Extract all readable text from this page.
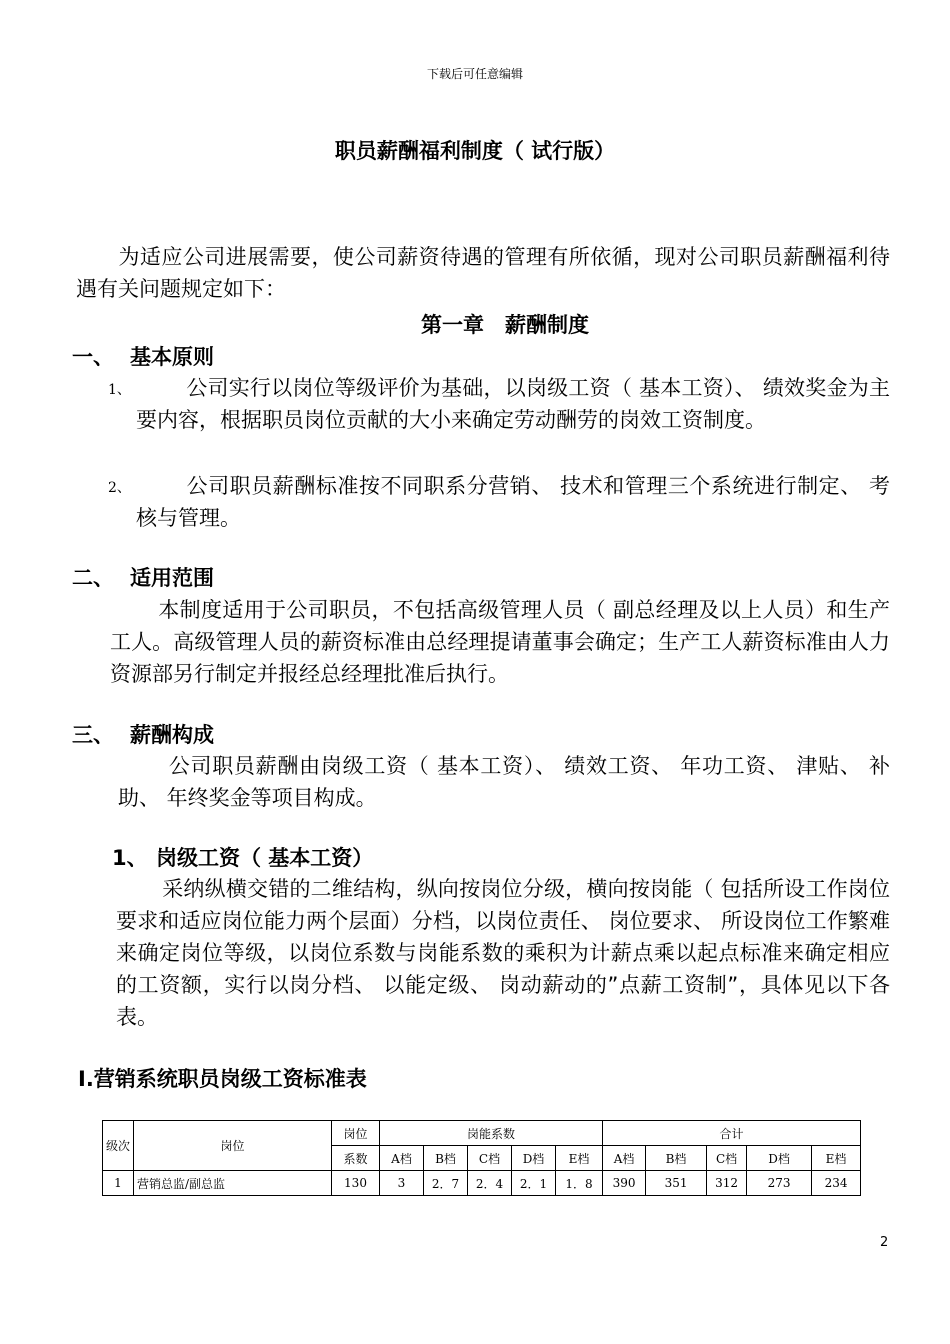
下载后可任意编辑
职员薪酬福利制度（ 试行版）
为适应公司进展需要，使公司薪资待遇的管理有所依循，现对公司职员薪酬福利待遇有关问题规定如下：
第一章　薪酬制度
一、 基本原则
1、	公司实行以岗位等级评价为基础，以岗级工资（ 基本工资）、 绩效奖金为主要内容，根据职员岗位贡献的大小来确定劳动酬劳的岗效工资制度。
2、	公司职员薪酬标准按不同职系分营销、 技术和管理三个系统进行制定、 考核与管理。
二、 适用范围
本制度适用于公司职员，不包括高级管理人员（ 副总经理及以上人员）和生产工人。高级管理人员的薪资标准由总经理提请董事会确定；生产工人薪资标准由人力资源部另行制定并报经总经理批准后执行。
三、 薪酬构成
公司职员薪酬由岗级工资（ 基本工资）、 绩效工资、 年功工资、 津贴、 补助、 年终奖金等项目构成。
1、 岗级工资（ 基本工资）
采纳纵横交错的二维结构，纵向按岗位分级，横向按岗能（ 包括所设工作岗位要求和适应岗位能力两个层面）分档，以岗位责任、 岗位要求、 所设岗位工作繁难来确定岗位等级，以岗位系数与岗能系数的乘积为计薪点乘以起点标准来确定相应的工资额，实行以岗分档、 以能定级、 岗动薪动的”点薪工资制”，具体见以下各表。
Ⅰ.营销系统职员岗级工资标准表
级次	岗位	岗位	岗能系数					合计				
		系数	A档	B档	C档	D档	E档	A档	B档	C档	D档	E档
1	营销总监/副总监	130	3	2．7	2．4	2．1	1．8	390	351	312	273	234
2
